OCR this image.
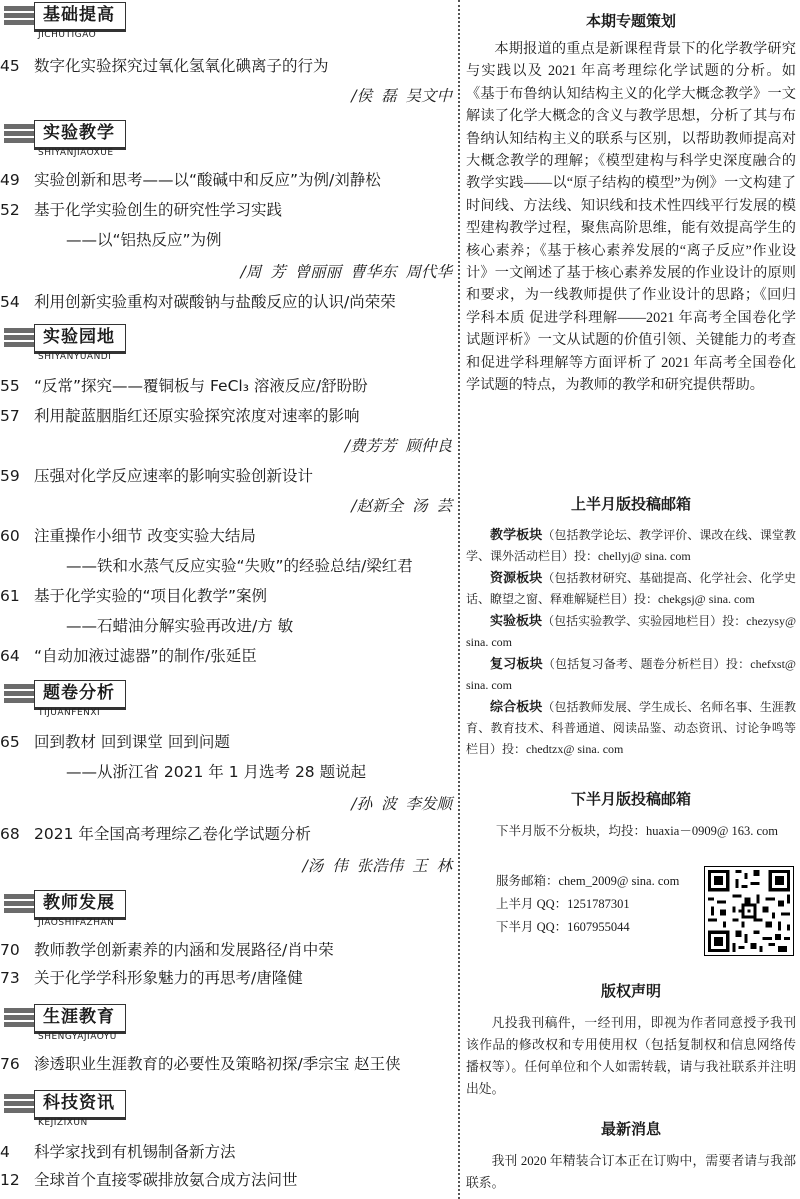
基础提高
JICHUTIGAO
45 数字化实验探究过氧化氢氧化碘离子的行为
/侯 磊 吴文中
实验教学
SHIYANJIAOXUE
49 实验创新和思考——以“酸碱中和反应”为例/刘静松
52 基于化学实验创生的研究性学习实践
——以“铝热反应”为例
/周 芳 曾丽丽 曹华东 周代华
54 利用创新实验重构对碳酸钠与盐酸反应的认识/尚荣荣
实验园地
SHIYANYUANDI
55 “反常”探究——覆铜板与 FeCl₃ 溶液反应/舒盼盼
57 利用靛蓝胭脂红还原实验探究浓度对速率的影响
/费芳芳 顾仲良
59 压强对化学反应速率的影响实验创新设计
/赵新全 汤 芸
60 注重操作小细节 改变实验大结局
——铁和水蒸气反应实验“失败”的经验总结/梁红君
61 基于化学实验的“项目化教学”案例
——石蜡油分解实验再改进/方 敏
64 “自动加液过滤器”的制作/张延臣
题卷分析
TIJUANFENXI
65 回到教材 回到课堂 回到问题
——从浙江省 2021 年 1 月选考 28 题说起
/孙 波 李发顺
68 2021 年全国高考理综乙卷化学试题分析
/汤 伟 张浩伟 王 林
教师发展
JIAOSHIFAZHAN
70 教师教学创新素养的内涵和发展路径/肖中荣
73 关于化学学科形象魅力的再思考/唐隆健
生涯教育
SHENGYAJIAOYU
76 渗透职业生涯教育的必要性及策略初探/季宗宝 赵王侠
科技资讯
KEJIZIXUN
4	科学家找到有机锡制备新方法
12 全球首个直接零碳排放氨合成方法问世
本期专题策划
本期报道的重点是新课程背景下的化学教学研究与实践以及 2021 年高考理综化学试题的分析。如《基于布鲁纳认知结构主义的化学大概念教学》一文解读了化学大概念的含义与教学思想，分析了其与布鲁纳认知结构主义的联系与区别，以帮助教师提高对大概念教学的理解；《模型建构与科学史深度融合的教学实践——以“原子结构的模型”为例》一文构建了时间线、方法线、知识线和技术性四线平行发展的模型建构教学过程，聚焦高阶思维，能有效提高学生的核心素养；《基于核心素养发展的“离子反应”作业设计》一文阐述了基于核心素养发展的作业设计的原则和要求，为一线教师提供了作业设计的思路；《回归学科本质 促进学科理解——2021 年高考全国卷化学试题评析》一文从试题的价值引领、关键能力的考查和促进学科理解等方面评析了 2021 年高考全国卷化学试题的特点，为教师的教学和研究提供帮助。
上半月版投稿邮箱
教学板块（包括教学论坛、教学评价、课改在线、课堂教学、课外活动栏目）投：chellyj@ sina. com
资源板块（包括教材研究、基础提高、化学社会、化学史话、瞭望之窗、释难解疑栏目）投：chekgsj@ sina. com
实验板块（包括实验教学、实验园地栏目）投：chezysy@ sina. com
复习板块（包括复习备考、题卷分析栏目）投：chefxst@ sina. com
综合板块（包括教师发展、学生成长、名师名事、生涯教育、教育技术、科普通道、阅读品鉴、动态资讯、讨论争鸣等栏目）投：chedtzx@ sina. com
下半月版投稿邮箱
下半月版不分板块，均投：huaxia－0909@ 163. com
服务邮箱：chem_2009@ sina. com
上半月 QQ：1251787301
下半月 QQ：1607955044
版权声明
凡投我刊稿件，一经刊用，即视为作者同意授予我刊该作品的修改权和专用使用权（包括复制权和信息网络传播权等）。任何单位和个人如需转载，请与我社联系并注明出处。
最新消息
我刊 2020 年精装合订本正在订购中，需要者请与我部联系。
